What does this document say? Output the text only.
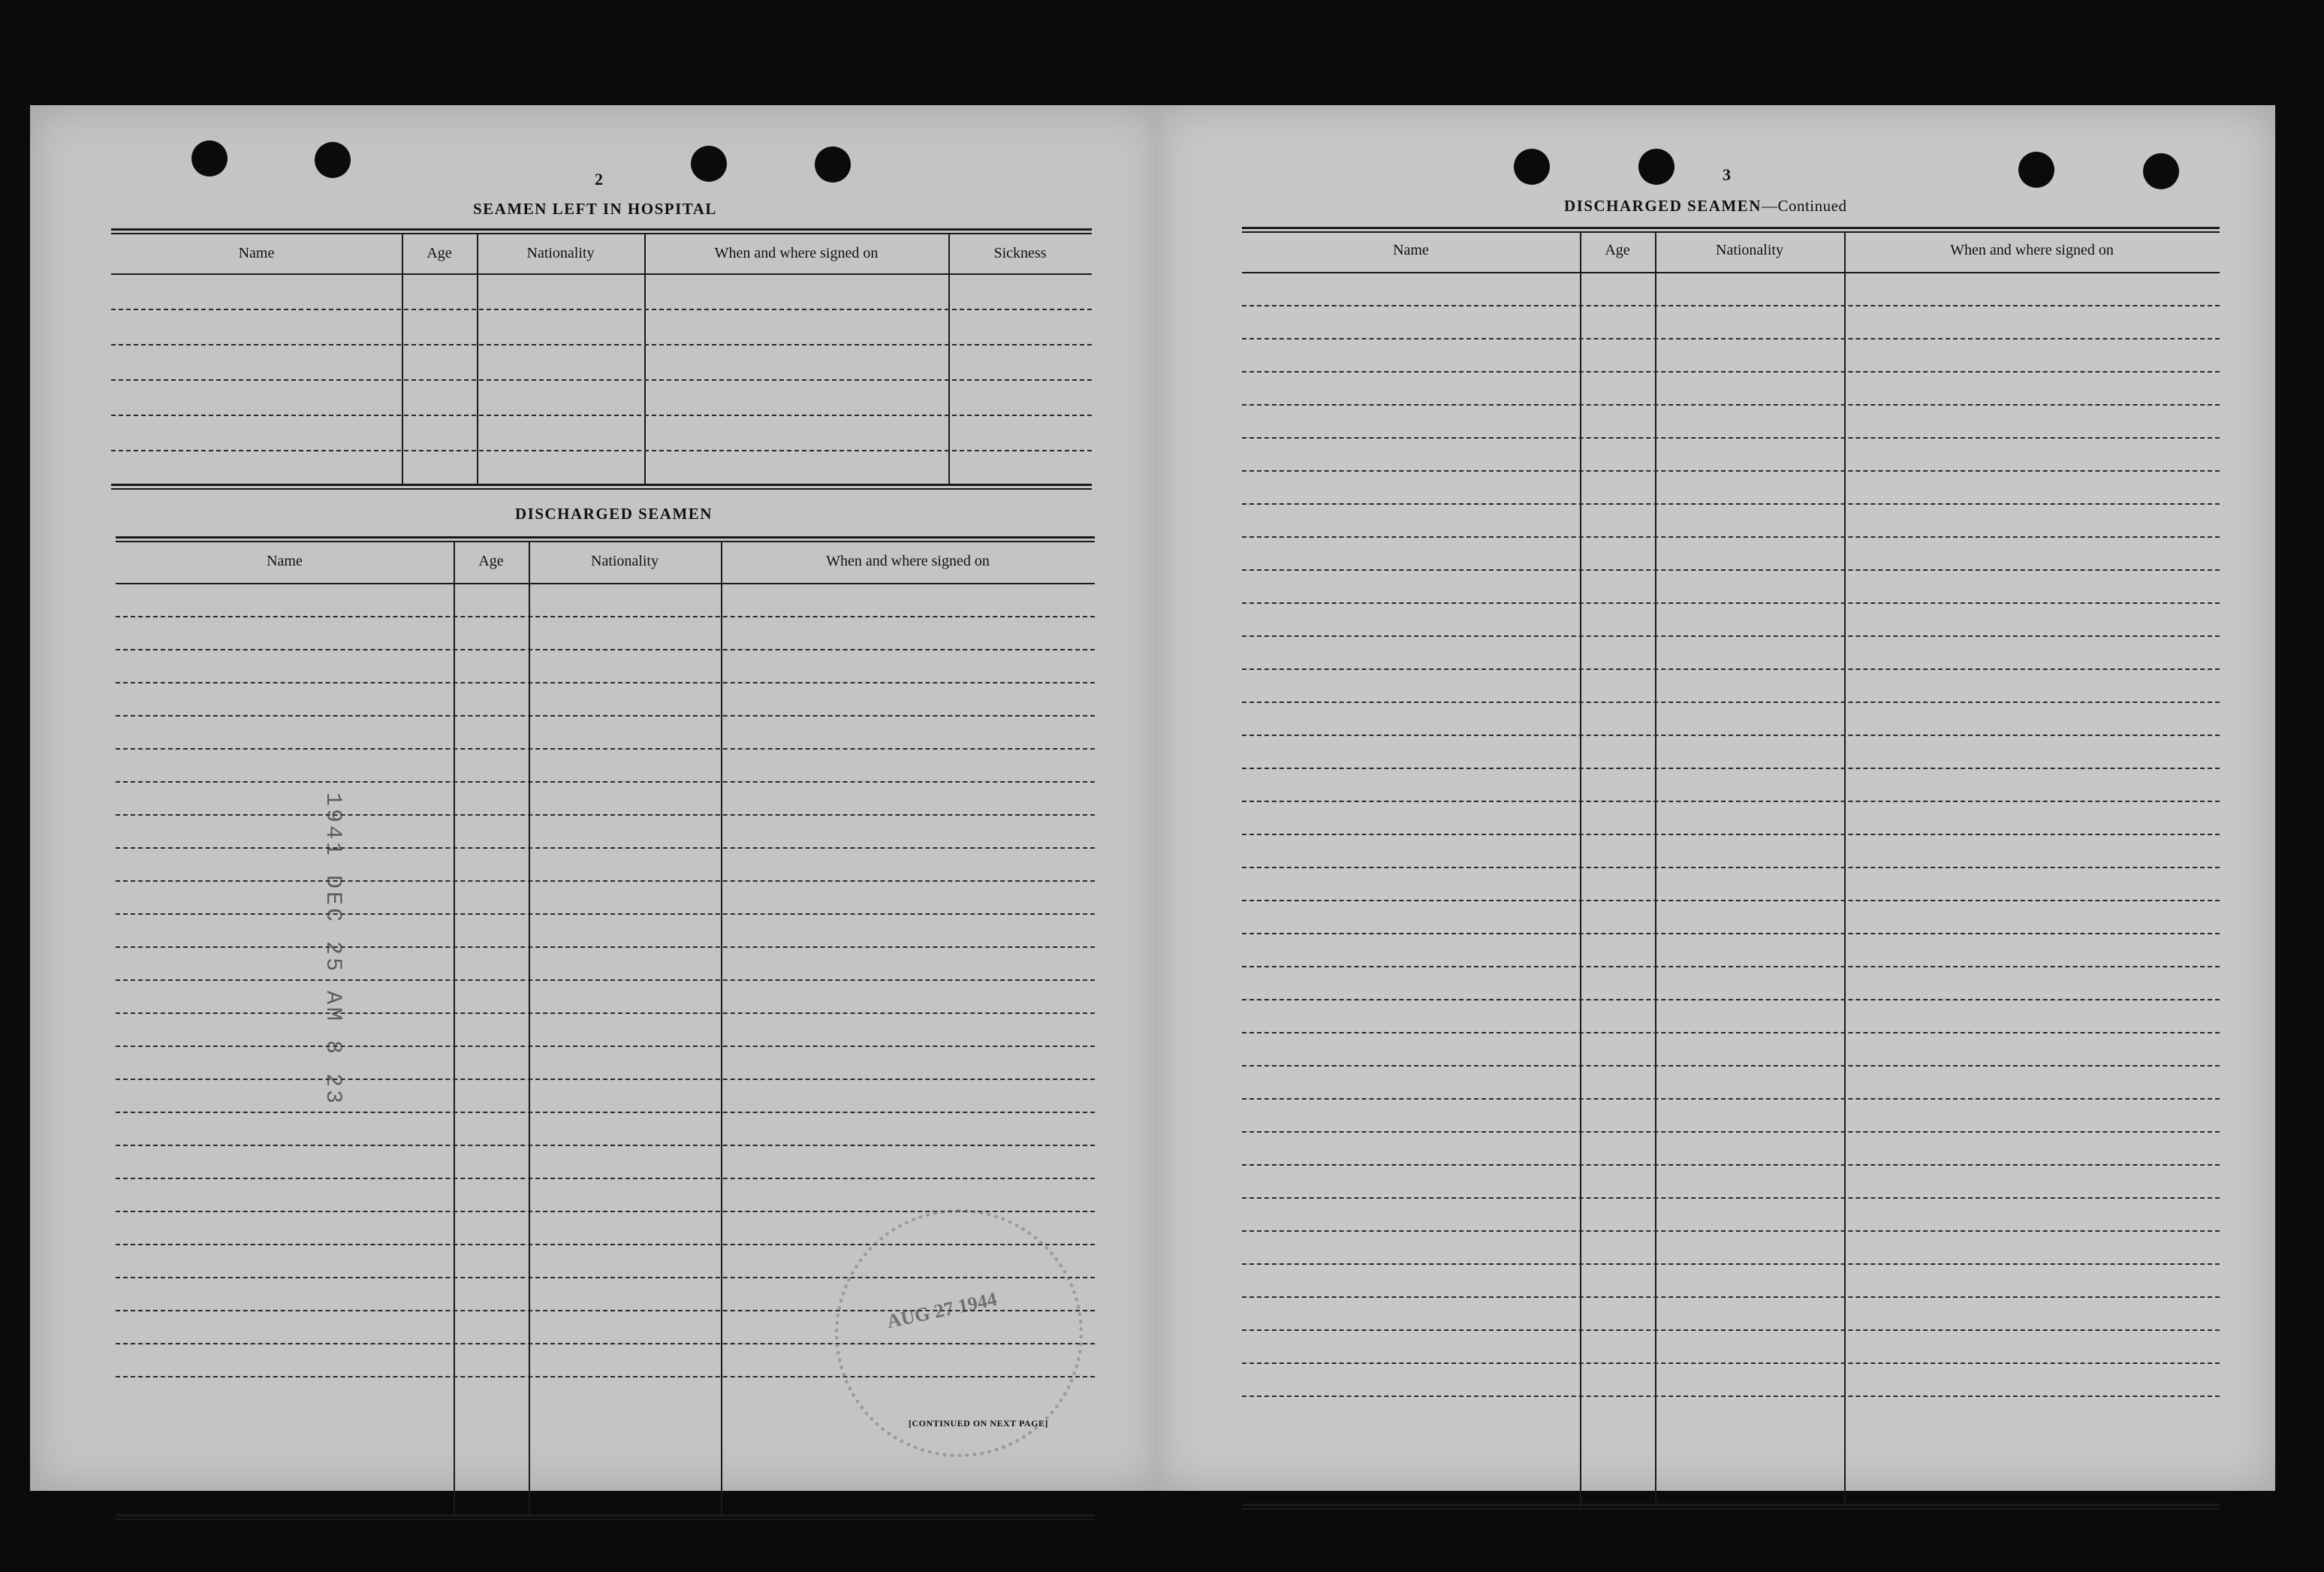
2
SEAMEN LEFT IN HOSPITAL
Name	Age	Nationality	When and where signed on	Sickness
DISCHARGED SEAMEN
Name	Age	Nationality	When and where signed on
[CONTINUED ON NEXT PAGE]
1941 DEC 25 AM 8 23
AUG 27 1944
3
DISCHARGED SEAMEN—Continued
Name	Age	Nationality	When and where signed on
